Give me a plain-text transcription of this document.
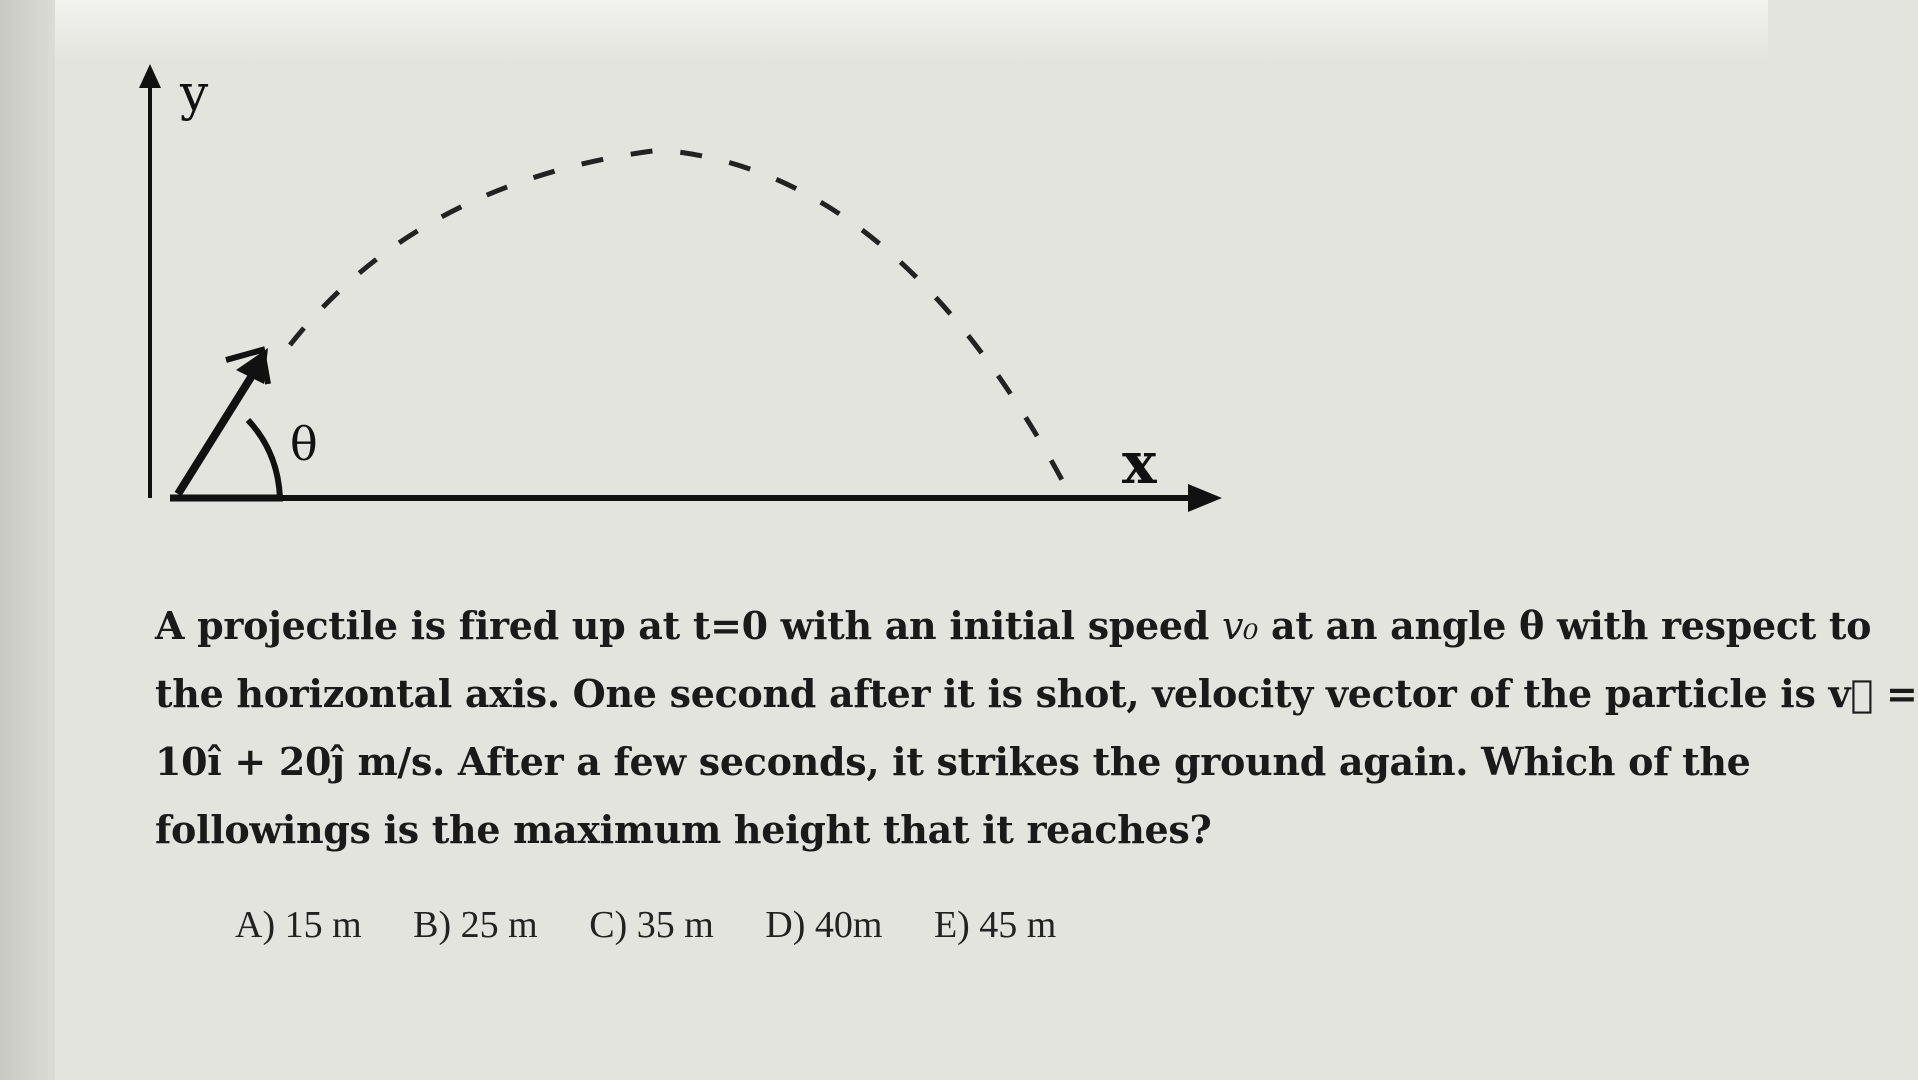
y
x
θ
A projectile is fired up at t=0 with an initial speed v₀ at an angle θ with respect to
the horizontal axis. One second after it is shot, velocity vector of the particle is v⃗ =
10î + 20ĵ m/s. After a few seconds, it strikes the ground again. Which of the
followings is the maximum height that it reaches?
A) 15 m B) 25 m C) 35 m D) 40m E) 45 m
